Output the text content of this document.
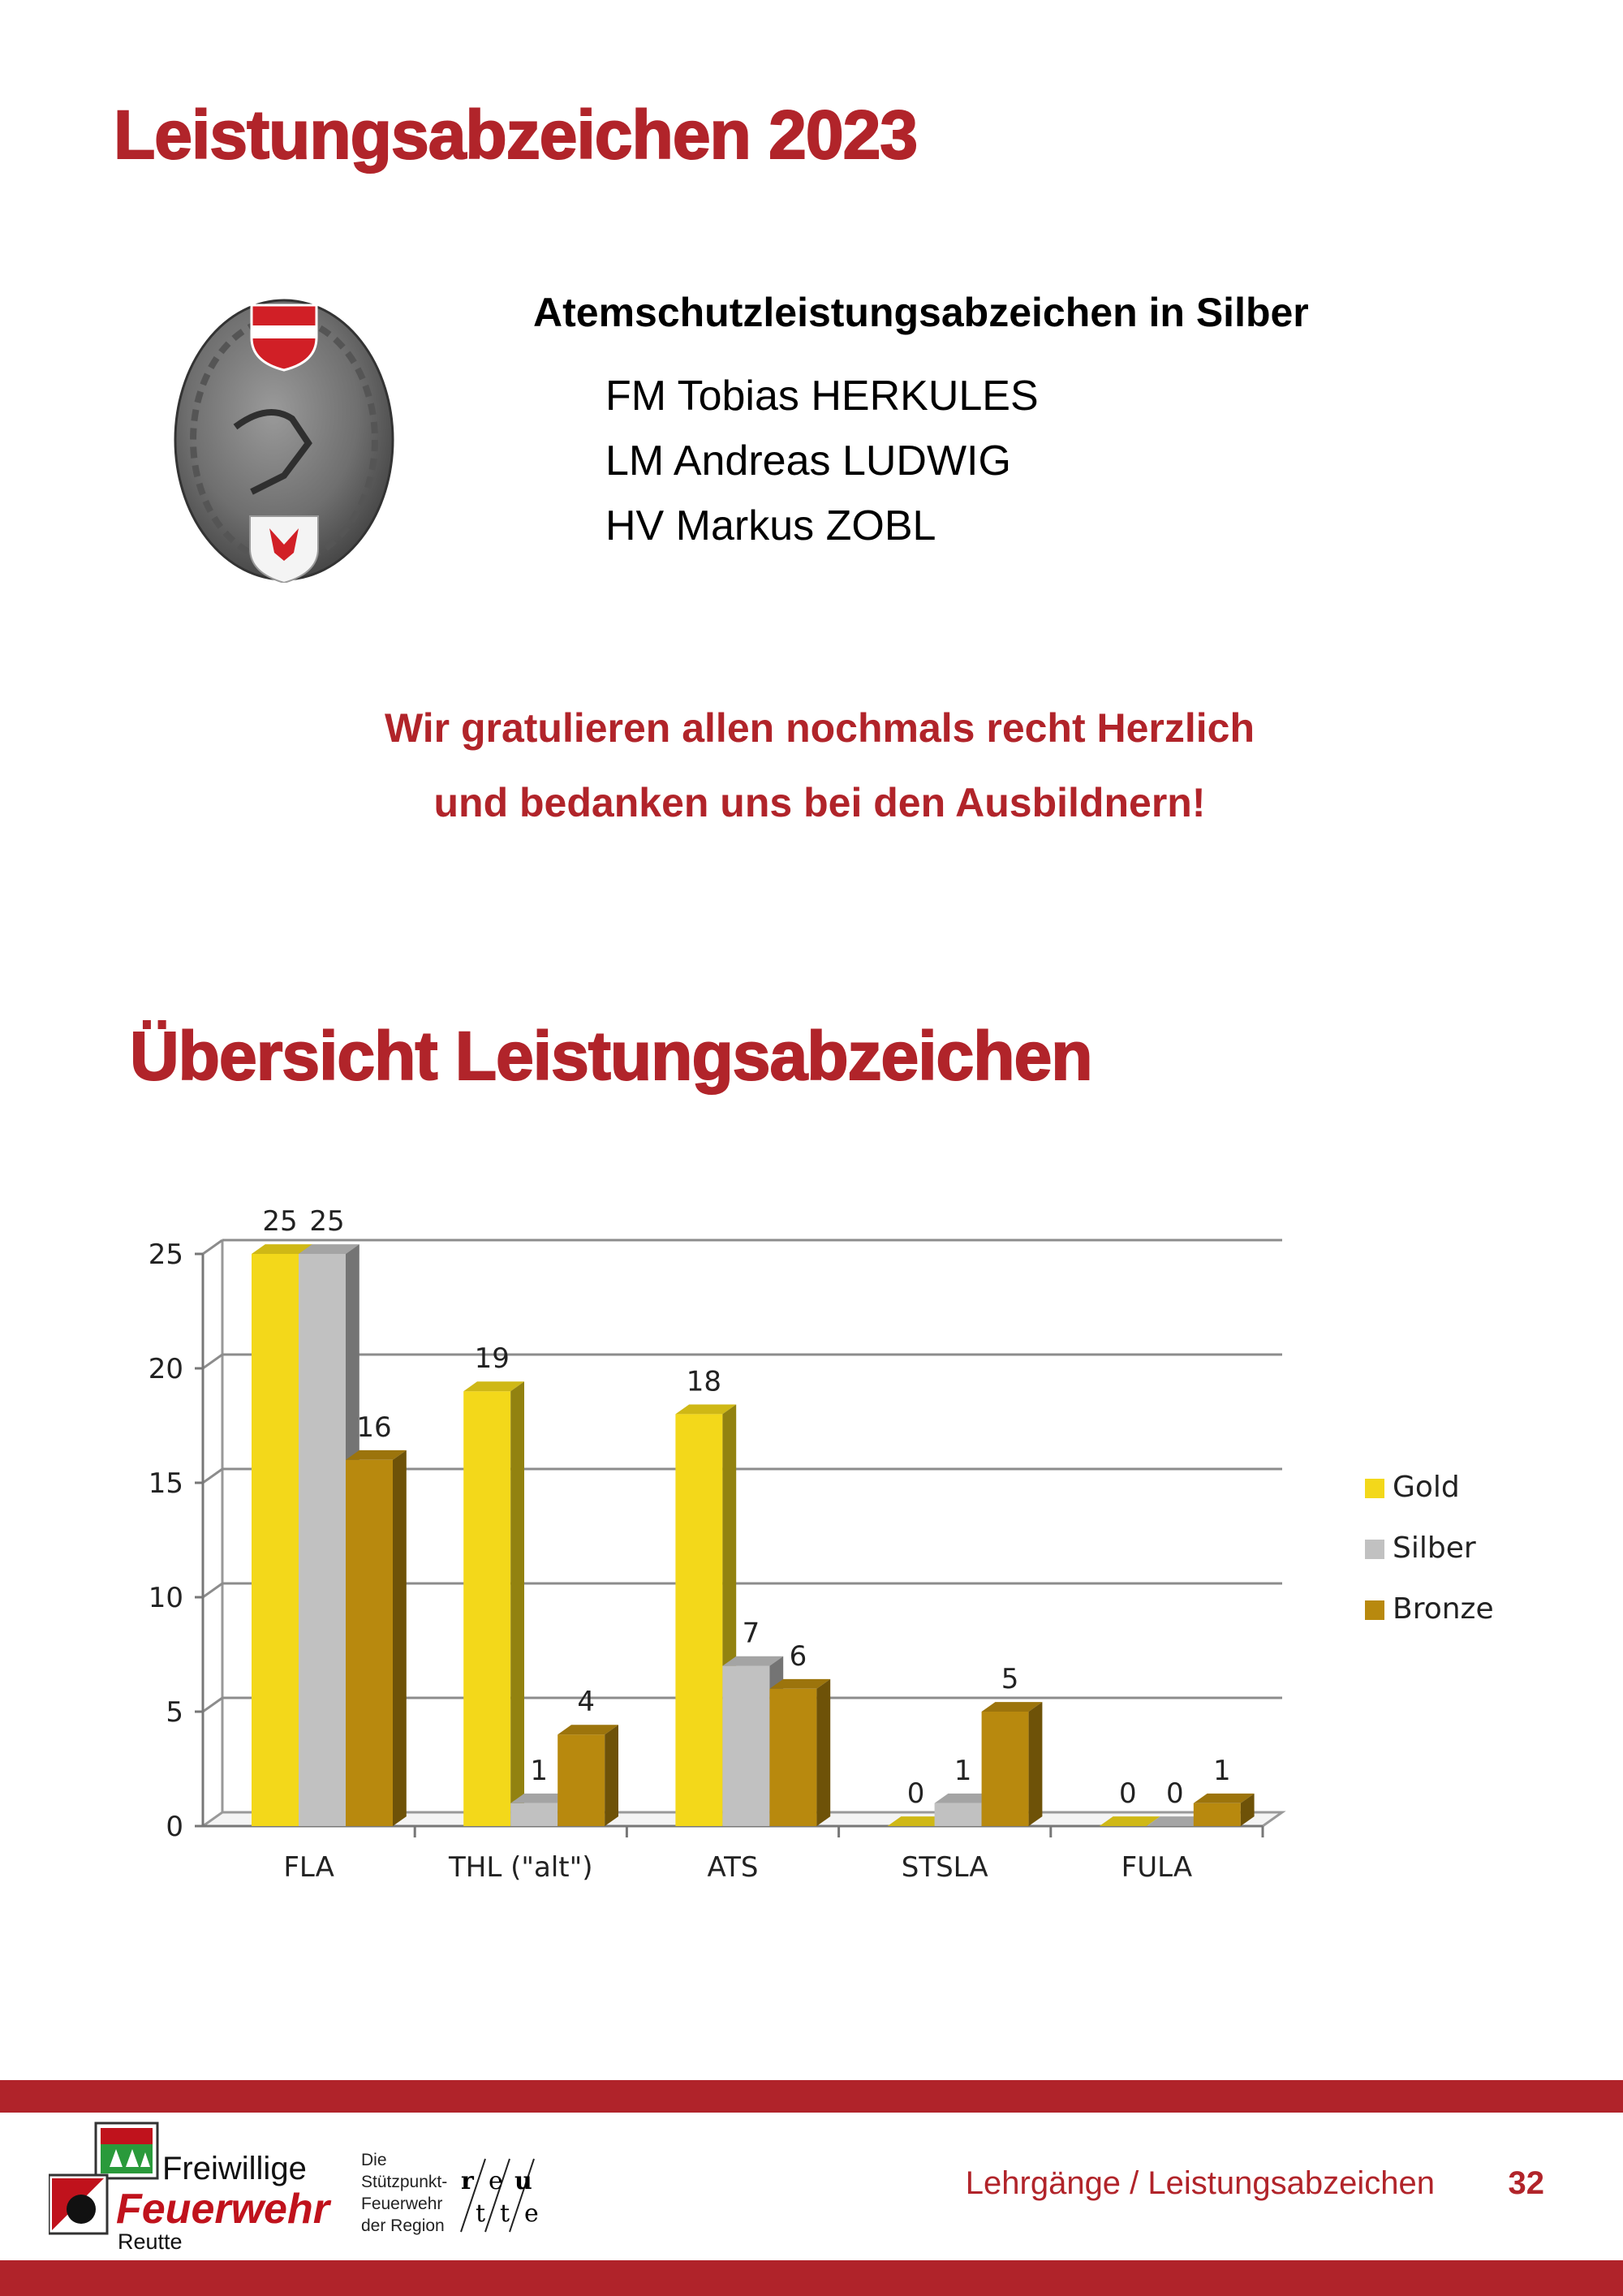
Leistungsabzeichen 2023
Atemschutzleistungsabzeichen in Silber
FM Tobias HERKULES
LM Andreas LUDWIG
HV Markus ZOBL
Wir gratulieren allen nochmals recht Herzlich
und bedanken uns bei den Ausbildnern!
Übersicht Leistungsabzeichen
0
5
10
15
20
25
25 25
16
FLA
19
1
4
THL ("alt")
18
7
6
ATS
0
1
5
STSLA
0 0
1
FULA
Gold
Silber
Bronze
Freiwillige
Feuerwehr
Reutte
Die
Stützpunkt-
Feuerwehr
der Region
r e u
t t e
Lehrgänge / Leistungsabzeichen 32
